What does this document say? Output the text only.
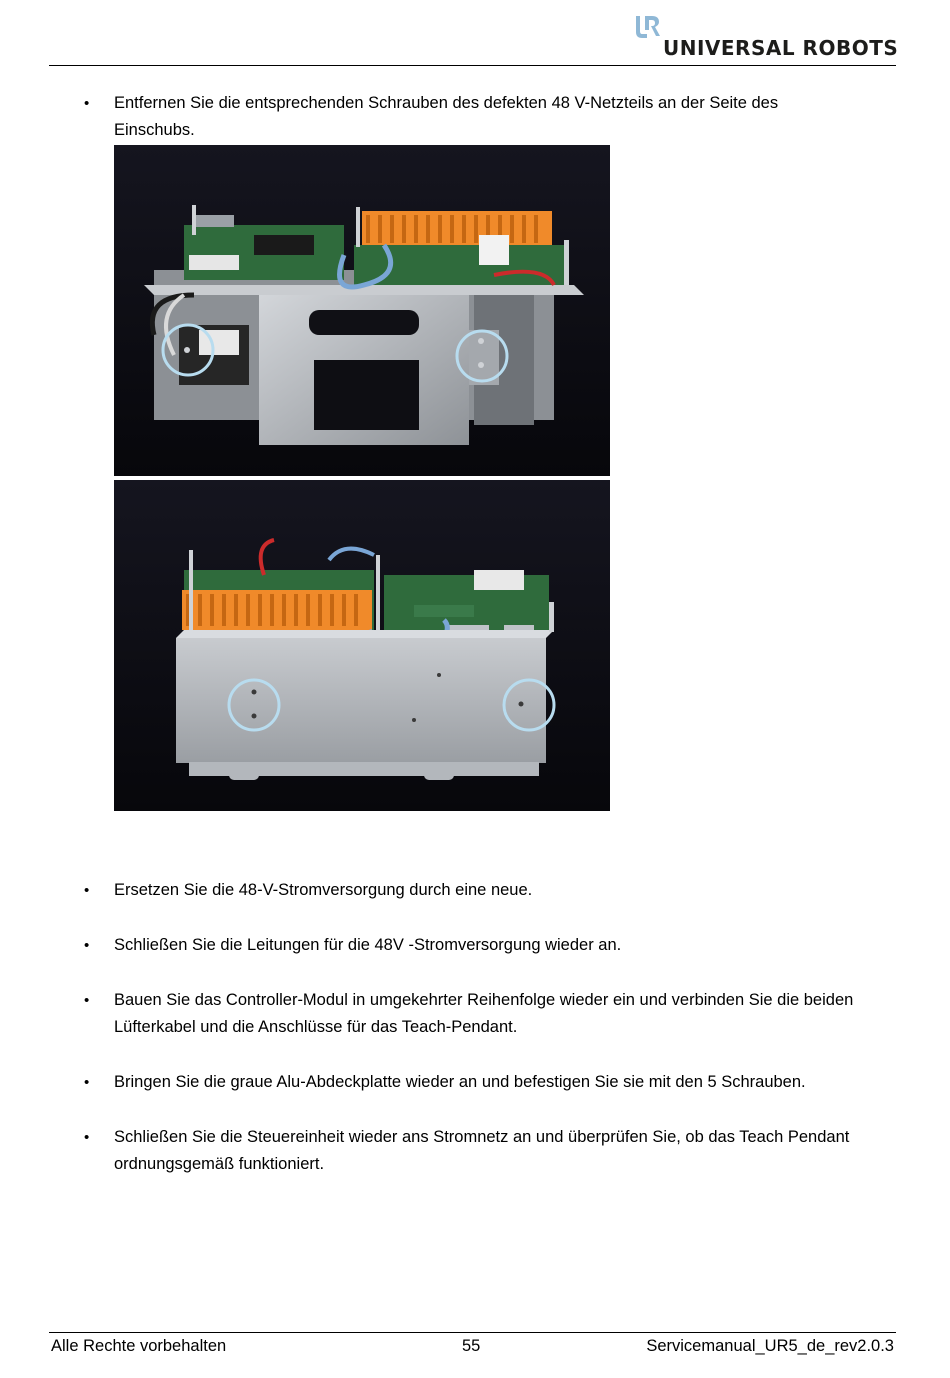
UNIVERSAL ROBOTS
• Entfernen Sie die entsprechenden Schrauben des defekten 48 V-Netzteils an der Seite des Einschubs.
• Ersetzen Sie die 48-V-Stromversorgung durch eine neue.
• Schließen Sie die Leitungen für die 48V -Stromversorgung wieder an.
• Bauen Sie das Controller-Modul in umgekehrter Reihenfolge wieder ein und verbinden Sie die beiden Lüfterkabel und die Anschlüsse für das Teach-Pendant.
• Bringen Sie die graue Alu-Abdeckplatte wieder an und befestigen Sie sie mit den 5 Schrauben.
• Schließen Sie die Steuereinheit wieder ans Stromnetz an und überprüfen Sie, ob das Teach Pendant ordnungsgemäß funktioniert.
Alle Rechte vorbehalten	55	Servicemanual_UR5_de_rev2.0.3
